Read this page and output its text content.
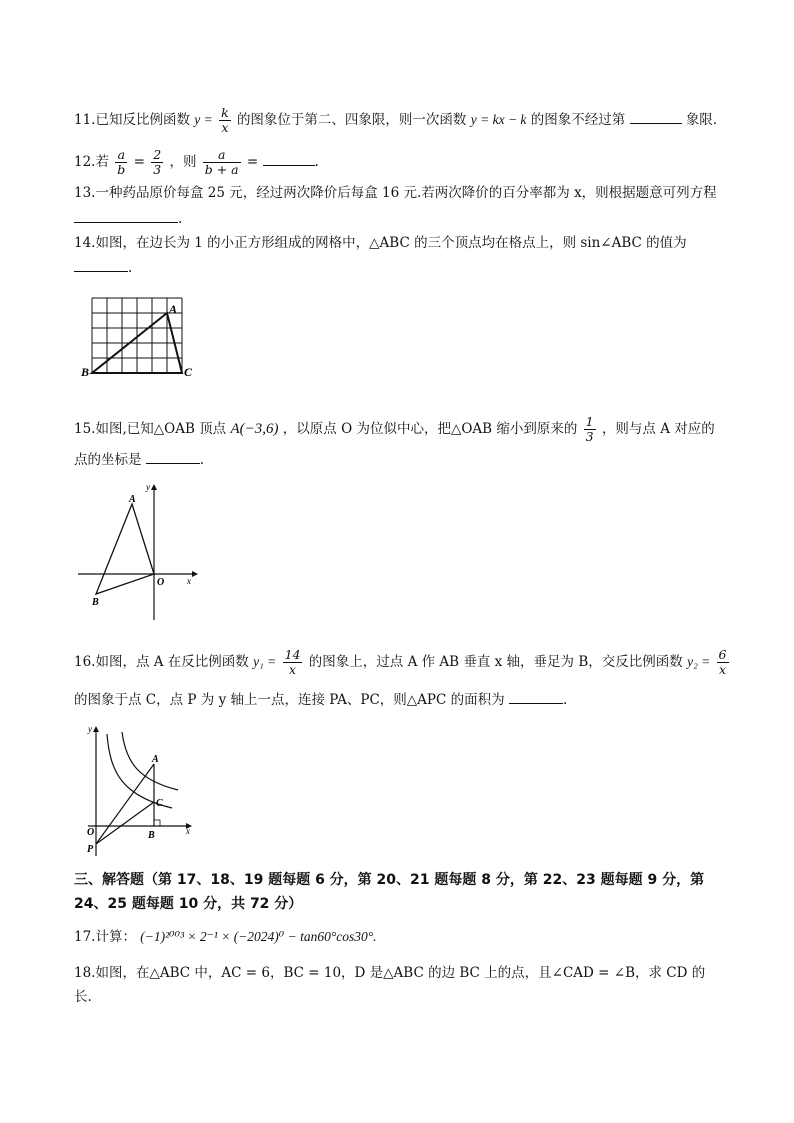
11.已知反比例函数 $y = \frac{k}{x}$ 的图象位于第二、四象限，则一次函数 y = kx − k 的图象不经过第	象限.
12.若 $\frac{a}{b} = \frac{2}{3}$ ，则 $\frac{a}{b + a}$ =	.
13.一种药品原价每盒 25 元，经过两次降价后每盒 16 元.若两次降价的百分率都为 x，则根据题意可列方程
.
14.如图，在边长为 1 的小正方形组成的网格中，△ABC 的三个顶点均在格点上，则 sin∠ABC 的值为
.
A
B	C
15.如图,已知△OAB 顶点 A(−3,6) ，以原点 O 为位似中心，把△OAB 缩小到原来的 $\frac{1}{3}$ ，则与点 A 对应的
点的坐标是	.
A
B
O	x
y
16.如图，点 A 在反比例函数 $y_1 = \frac{14}{x}$ 的图象上，过点 A 作 AB 垂直 x 轴，垂足为 B，交反比例函数 $y_2 = \frac{6}{x}$
的图象于点 C，点 P 为 y 轴上一点，连接 PA、PC，则△APC 的面积为	.
A
C
B
O
P
x
y
三、解答题（第 17、18、19 题每题 6 分，第 20、21 题每题 8 分，第 22、23 题每题 9 分，第
24、25 题每题 10 分，共 72 分）
17.计算： (−1)²⁰⁰³ × 2⁻¹ × (−2024)⁰ − tan60°cos30°.
18.如图，在△ABC 中，AC = 6，BC = 10，D 是△ABC 的边 BC 上的点，且∠CAD = ∠B，求 CD 的
长.
